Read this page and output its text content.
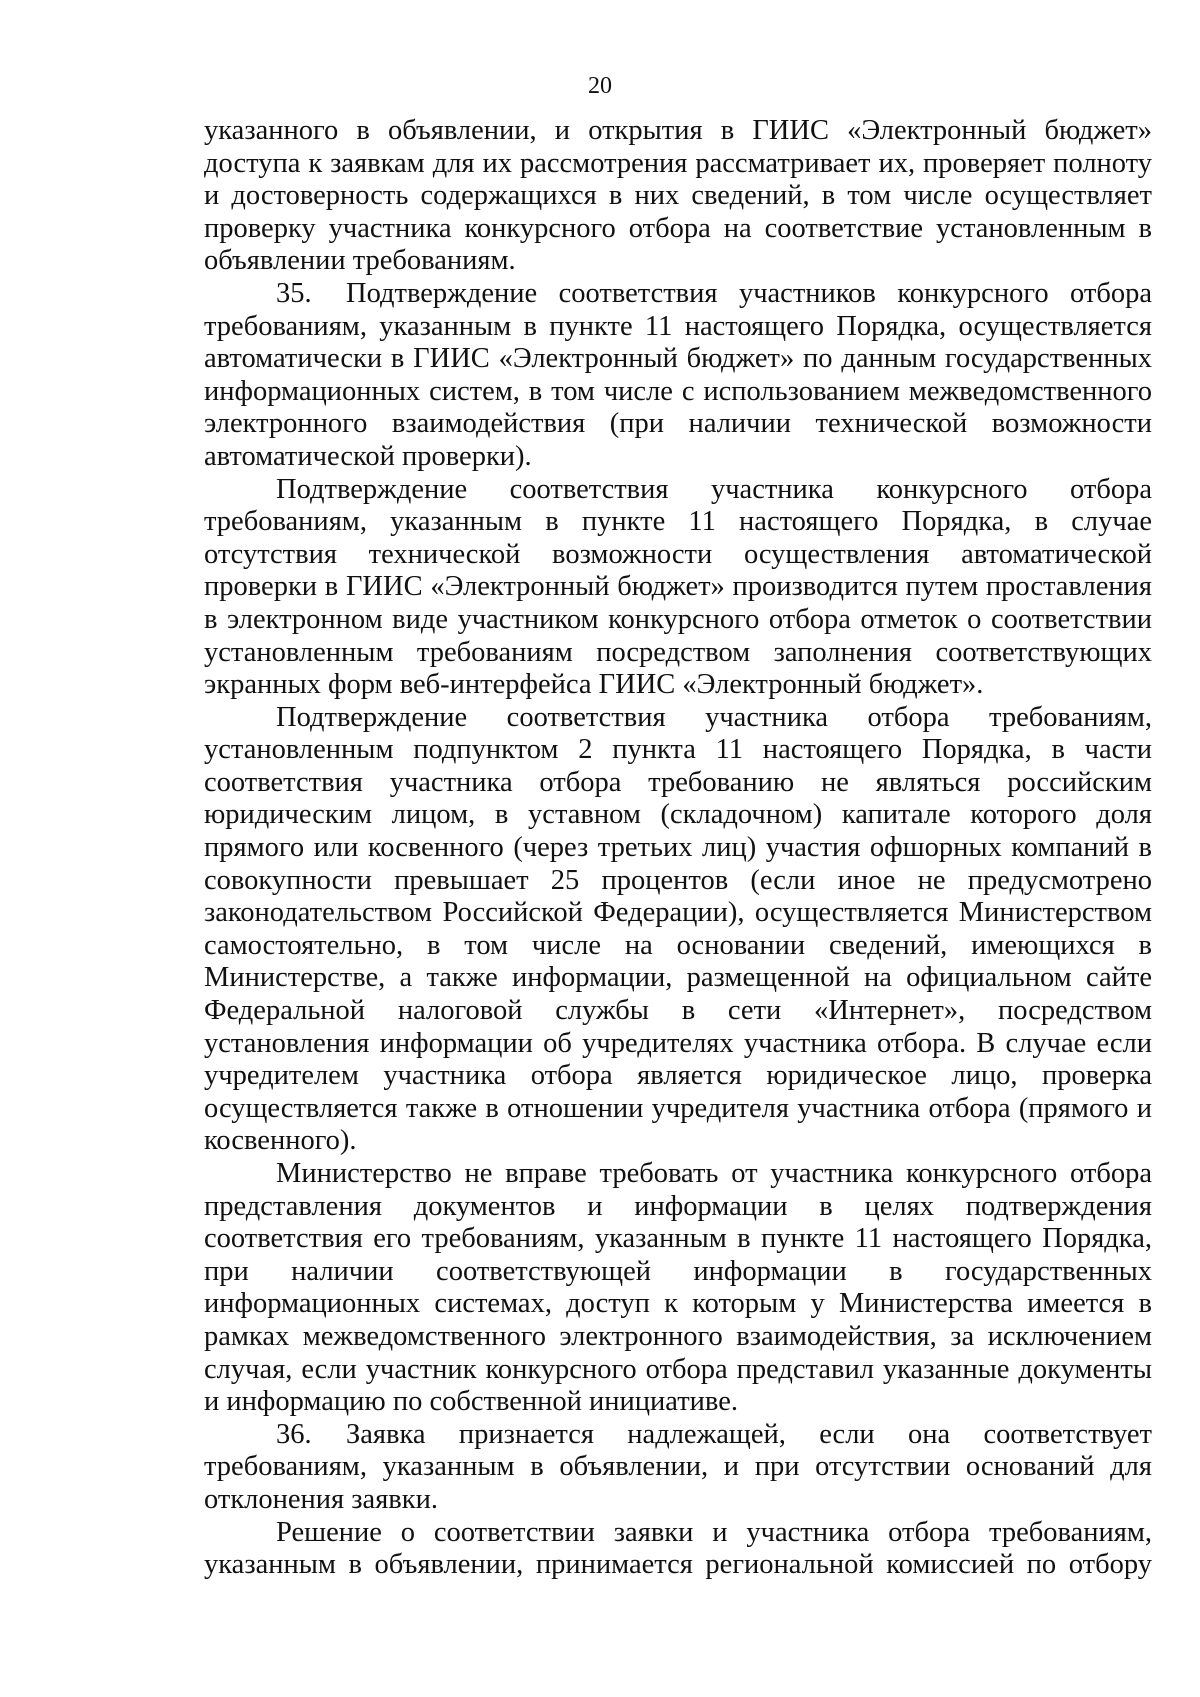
20

указанного в объявлении, и открытия в ГИИС «Электронный бюджет» доступа к заявкам для их рассмотрения рассматривает их, проверяет полноту и достоверность содержащихся в них сведений, в том числе осуществляет проверку участника конкурсного отбора на соответствие установленным в объявлении требованиям.

35. Подтверждение соответствия участников конкурсного отбора требованиям, указанным в пункте 11 настоящего Порядка, осуществляется автоматически в ГИИС «Электронный бюджет» по данным государственных информационных систем, в том числе с использованием межведомственного электронного взаимодействия (при наличии технической возможности автоматической проверки).

Подтверждение соответствия участника конкурсного отбора требованиям, указанным в пункте 11 настоящего Порядка, в случае отсутствия технической возможности осуществления автоматической проверки в ГИИС «Электронный бюджет» производится путем проставления в электронном виде участником конкурсного отбора отметок о соответствии установленным требованиям посредством заполнения соответствующих экранных форм веб-интерфейса ГИИС «Электронный бюджет».

Подтверждение соответствия участника отбора требованиям, установленным подпунктом 2 пункта 11 настоящего Порядка, в части соответствия участника отбора требованию не являться российским юридическим лицом, в уставном (складочном) капитале которого доля прямого или косвенного (через третьих лиц) участия офшорных компаний в совокупности превышает 25 процентов (если иное не предусмотрено законодательством Российской Федерации), осуществляется Министерством самостоятельно, в том числе на основании сведений, имеющихся в Министерстве, а также информации, размещенной на официальном сайте Федеральной налоговой службы в сети «Интернет», посредством установления информации об учредителях участника отбора. В случае если учредителем участника отбора является юридическое лицо, проверка осуществляется также в отношении учредителя участника отбора (прямого и косвенного).

Министерство не вправе требовать от участника конкурсного отбора представления документов и информации в целях подтверждения соответствия его требованиям, указанным в пункте 11 настоящего Порядка, при наличии соответствующей информации в государственных информационных системах, доступ к которым у Министерства имеется в рамках межведомственного электронного взаимодействия, за исключением случая, если участник конкурсного отбора представил указанные документы и информацию по собственной инициативе.

36. Заявка признается надлежащей, если она соответствует требованиям, указанным в объявлении, и при отсутствии оснований для отклонения заявки.

Решение о соответствии заявки и участника отбора требованиям, указанным в объявлении, принимается региональной комиссией по отбору
